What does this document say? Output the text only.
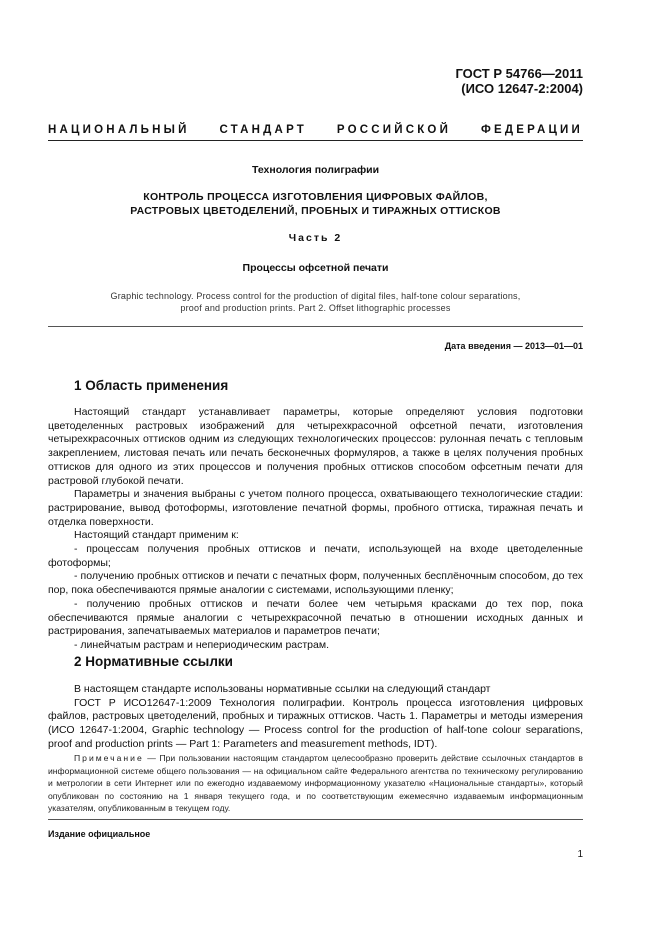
ГОСТ Р 54766—2011
(ИСО 12647-2:2004)
НАЦИОНАЛЬНЫЙ	СТАНДАРТ	РОССИЙСКОЙ	ФЕДЕРАЦИИ
Технология полиграфии
КОНТРОЛЬ ПРОЦЕССА ИЗГОТОВЛЕНИЯ ЦИФРОВЫХ ФАЙЛОВ,
РАСТРОВЫХ ЦВЕТОДЕЛЕНИЙ, ПРОБНЫХ И ТИРАЖНЫХ ОТТИСКОВ
Часть 2
Процессы офсетной печати
Graphic technology. Process control for the production of digital files, half-tone colour separations,
proof and production prints. Part 2. Offset lithographic processes
Дата введения — 2013—01—01
1 Область применения

Настоящий стандарт устанавливает параметры, которые определяют условия подготовки цветоделенных растровых изображений для четырехкрасочной офсетной печати, изготовления четырехкрасочных оттисков одним из следующих технологических процессов: рулонная печать с тепловым закреплением, листовая печать или печать бесконечных формуляров, а также в целях получения пробных оттисков для одного из этих процессов и получения пробных оттисков способом офсетным печати для растровой глубокой печати.

Параметры и значения выбраны с учетом полного процесса, охватывающего технологические стадии: растрирование, вывод фотоформы, изготовление печатной формы, пробного оттиска, тиражная печать и отделка поверхности.

Настоящий стандарт применим к:

- процессам получения пробных оттисков и печати, использующей на входе цветоделенные фотоформы;

- получению пробных оттисков и печати с печатных форм, полученных бесплёночным способом, до тех пор, пока обеспечиваются прямые аналогии с системами, использующими пленку;

- получению пробных оттисков и печати более чем четырьмя красками до тех пор, пока обеспечиваются прямые аналогии с четырехкрасочной печатью в отношении исходных данных и растрирования, запечатываемых материалов и параметров печати;

- линейчатым растрам и непериодическим растрам.

2 Нормативные ссылки

В настоящем стандарте использованы нормативные ссылки на следующий стандарт

ГОСТ Р ИСО12647-1:2009 Технология полиграфии. Контроль процесса изготовления цифровых файлов, растровых цветоделений, пробных и тиражных оттисков. Часть 1. Параметры и методы измерения (ИСО 12647-1:2004, Graphic technology — Process control for the production of half-tone colour separations, proof and production prints — Part 1: Parameters and measurement methods, IDT).

Примечание — При пользовании настоящим стандартом целесообразно проверить действие ссылочных стандартов в информационной системе общего пользования — на официальном сайте Федерального агентства по техническому регулированию и метрологии в сети Интернет или по ежегодно издаваемому информационному указателю «Национальные стандарты», который опубликован по состоянию на 1 января текущего года, и по соответствующим ежемесячно издаваемым информационным указателям, опубликованным в текущем году.
Издание официальное
1
